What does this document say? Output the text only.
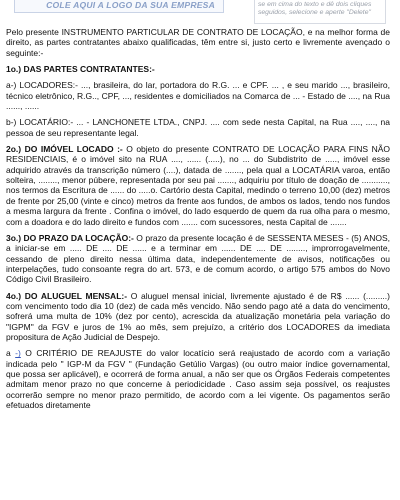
COLE AQUI A LOGO DA SUA EMPRESA	se em cima do texto e dê dois cliques seguidos, selecione e aperte "Delete"

Pelo presente INSTRUMENTO PARTICULAR DE CONTRATO DE LOCAÇÃO, e na melhor forma de direito, as partes contratantes abaixo qualificadas, têm entre si, justo certo e livremente avençado o seguinte:-

1o.) DAS PARTES CONTRATANTES:-

a-) LOCADORES:- ..., brasileira, do lar, portadora do R.G. ... e CPF. ... , e seu marido ..., brasileiro, técnico eletrônico, R.G.., CPF, ..., residentes e domiciliados na Comarca de ... - Estado de ...., na Rua ......, ......

b-) LOCATÁRIO:- ... - LANCHONETE LTDA., CNPJ. .... com sede nesta Capital, na Rua ...., ...., na pessoa de seu representante legal.

2o.) DO IMÓVEL LOCADO :- O objeto do presente CONTRATO DE LOCAÇÃO PARA FINS NÃO RESIDENCIAIS, é o imóvel sito na RUA ...., ...... (.....), no ... do Subdistrito de ....., imóvel esse adquirido através da transcrição número (....), datada de ......., pela qual a LOCATÁRIA varoa, então solteira, ........, menor púbere, representada por seu pai ......., adquiriu por título de doação de ..........., nos termos da Escritura de ...... do .....o. Cartório desta Capital, medindo o terreno 10,00 (dez) metros de frente por 25,00 (vinte e cinco) metros da frente aos fundos, de ambos os lados, tendo nos fundos a mesma largura da frente . Confina o imóvel, do lado esquerdo de quem da rua olha para o mesmo, com a doadora e do lado direito e fundos com ....... com sucessores, nesta Capital de .......

3o.) DO PRAZO DA LOCAÇÃO:- O prazo da presente locação é de SESSENTA MESES - (5) ANOS, a iniciar-se em ..... DE .... DE ...... e a terminar em ...... DE .... DE ........, improrrogavelmente, cessando de pleno direito nessa última data, independentemente de avisos, notificações ou interpelações, tudo consoante regra do art. 573, e de comum acordo, o artigo 575 ambos do Novo Código Civil Brasileiro.

4o.) DO ALUGUEL MENSAL:- O aluguel mensal inicial, livremente ajustado é de R$ ...... (.........) com vencimento todo dia 10 (dez) de cada mês vencido. Não sendo pago até a data do vencimento, sofrerá uma multa de 10% (dez por cento), acrescida da atualização monetária pela variação do "IGPM" da FGV e juros de 1% ao mês, sem prejuízo, a critério dos LOCADORES da imediata propositura de Ação Judicial de Despejo.

a -) O CRITÉRIO DE REAJUSTE do valor locatício será reajustado de acordo com a variação indicada pelo " IGP-M da FGV " (Fundação Getúlio Vargas) (ou outro maior índice governamental, que possa ser aplicável), e ocorrerá de forma anual, a não ser que os Órgãos Federais competentes admitam menor prazo no que concerne à periodicidade . Caso assim seja possível, os reajustes ocorrerão sempre no menor prazo permitido, de acordo com a lei vigente. Os pagamentos serão efetuados diretamente
